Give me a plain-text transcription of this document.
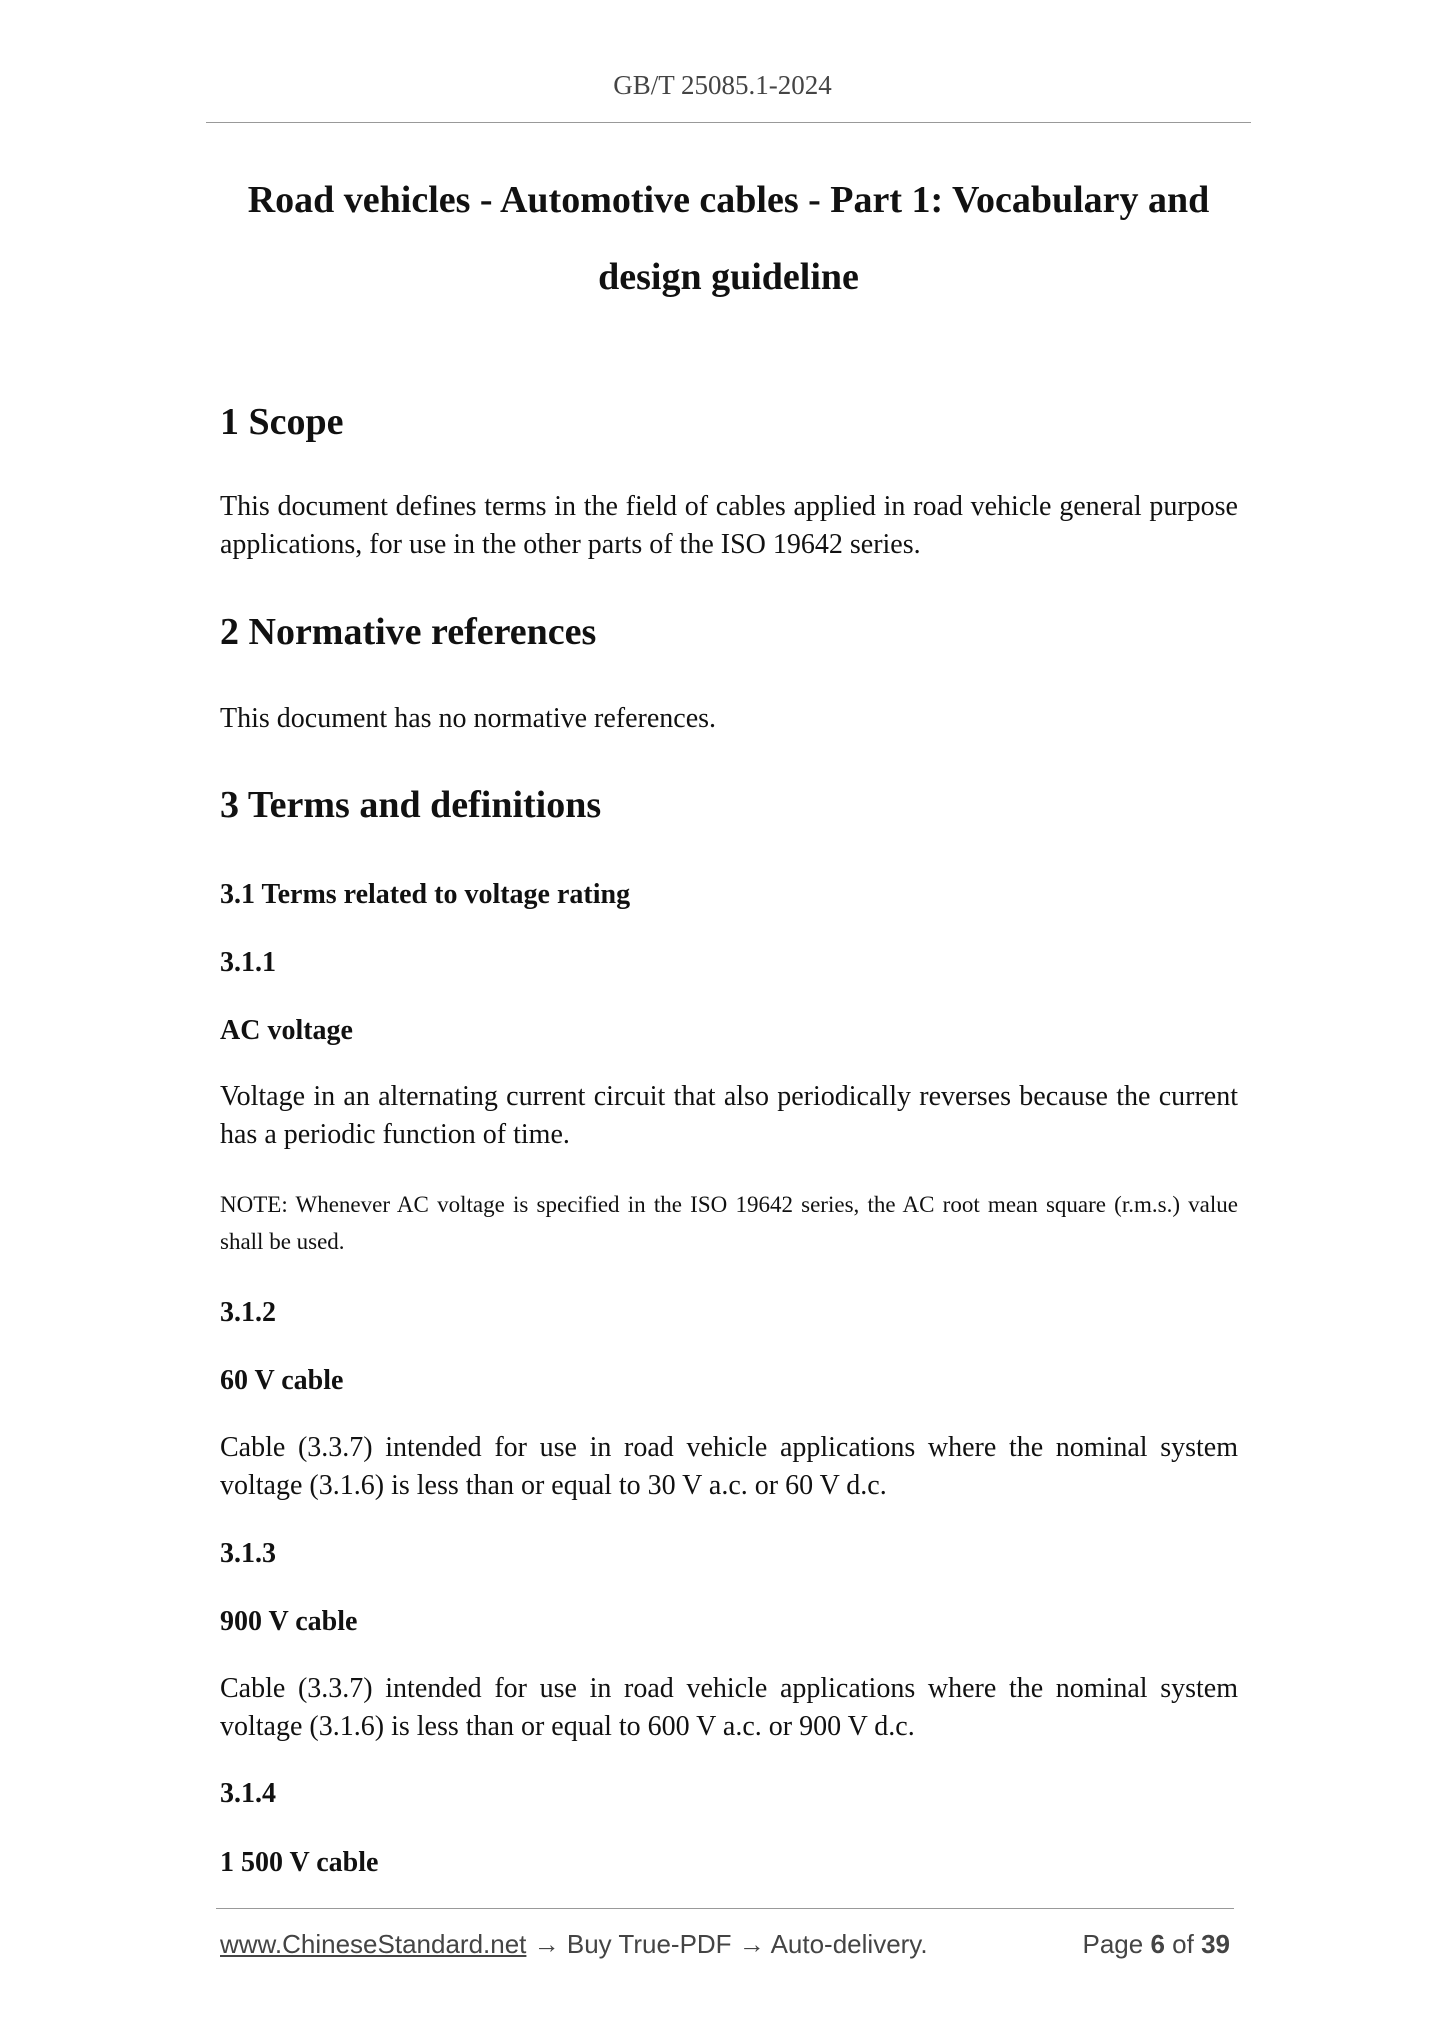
GB/T 25085.1-2024
Road vehicles - Automotive cables - Part 1: Vocabulary and
design guideline
1 Scope
This document defines terms in the field of cables applied in road vehicle general purpose applications, for use in the other parts of the ISO 19642 series.
2 Normative references
This document has no normative references.
3 Terms and definitions
3.1 Terms related to voltage rating
3.1.1
AC voltage
Voltage in an alternating current circuit that also periodically reverses because the current has a periodic function of time.
NOTE: Whenever AC voltage is specified in the ISO 19642 series, the AC root mean square (r.m.s.) value shall be used.
3.1.2
60 V cable
Cable (3.3.7) intended for use in road vehicle applications where the nominal system voltage (3.1.6) is less than or equal to 30 V a.c. or 60 V d.c.
3.1.3
900 V cable
Cable (3.3.7) intended for use in road vehicle applications where the nominal system voltage (3.1.6) is less than or equal to 600 V a.c. or 900 V d.c.
3.1.4
1 500 V cable
www.ChineseStandard.net → Buy True-PDF → Auto-delivery.	Page 6 of 39
